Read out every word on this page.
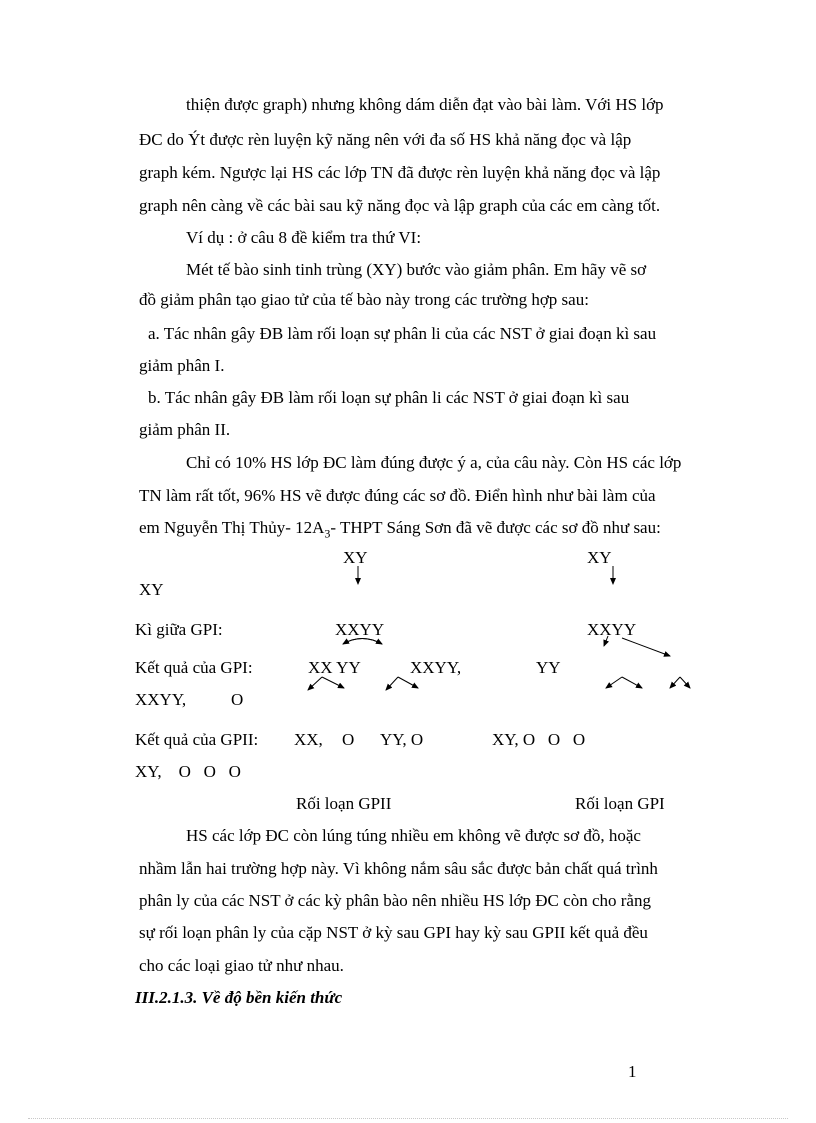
thiện được graph) nhưng không dám diễn đạt vào bài làm. Với HS lớp
ĐC do Ýt được rèn luyện kỹ năng nên với đa số HS khả năng đọc và lập
graph kém. Ngược lại HS các lớp TN đã được rèn luyện khả năng đọc và lập
graph nên càng về các bài sau kỹ năng đọc và lập graph của các em càng tốt.
Ví dụ : ở câu 8 đề kiểm tra thứ VI:
Mét tế bào sinh tinh trùng (XY) bước vào giảm phân. Em hãy vẽ sơ
đồ giảm phân tạo giao tử của tế bào này trong các trường hợp sau:
a. Tác nhân gây ĐB làm rối loạn sự phân li của các NST ở giai đoạn kì sau
giảm phân I.
b. Tác nhân gây ĐB làm rối loạn sự phân li các NST ở giai đoạn kì sau
giảm phân II.
Chỉ có 10% HS lớp ĐC làm đúng được ý a, của câu này. Còn HS các lớp
TN làm rất tốt, 96% HS vẽ được đúng các sơ đồ. Điển hình như bài làm của
em Nguyễn Thị Thủy- $12A_3-$ THPT Sáng Sơn đã vẽ được các sơ đồ như sau:
XY	XY
XY
Kì giữa GPI:	XXYY	XXYY
Kết quả của GPI:	XX YY	XXYY,	YY
XXYY,	O
Kết quả của GPII: XX, O YY, O	XY, O   O   O
XY,    O   O   O
Rối loạn GPII	Rối loạn GPI
HS các lớp ĐC còn lúng túng nhiều em không vẽ được sơ đồ, hoặc
nhầm lẫn hai trường hợp này. Vì không nắm sâu sắc được bản chất quá trình
phân ly của các NST ở các kỳ phân bào nên nhiều HS lớp ĐC còn cho rằng
sự rối loạn phân ly của cặp NST ở kỳ sau GPI hay kỳ sau GPII kết quả đều
cho các loại giao tử như nhau.
III.2.1.3. Về độ bền kiến thức
1
